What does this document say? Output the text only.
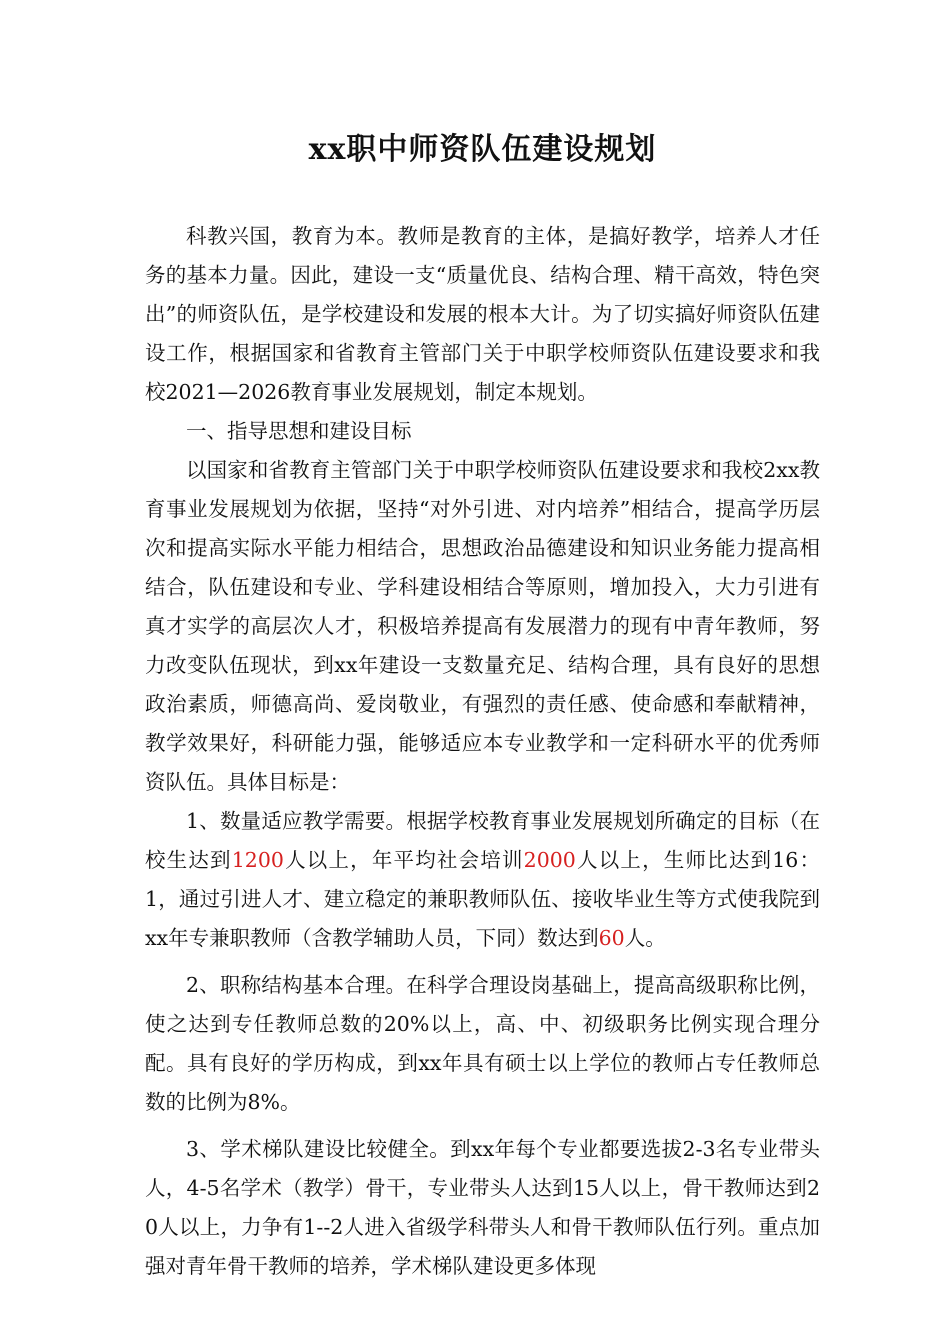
xx职中师资队伍建设规划

科教兴国，教育为本。教师是教育的主体，是搞好教学，培养人才任务的基本力量。因此，建设一支“质量优良、结构合理、精干高效，特色突出”的师资队伍，是学校建设和发展的根本大计。为了切实搞好师资队伍建设工作，根据国家和省教育主管部门关于中职学校师资队伍建设要求和我校2021—2026教育事业发展规划，制定本规划。

一、指导思想和建设目标

以国家和省教育主管部门关于中职学校师资队伍建设要求和我校2xx教育事业发展规划为依据，坚持“对外引进、对内培养”相结合，提高学历层次和提高实际水平能力相结合，思想政治品德建设和知识业务能力提高相结合，队伍建设和专业、学科建设相结合等原则，增加投入，大力引进有真才实学的高层次人才，积极培养提高有发展潜力的现有中青年教师，努力改变队伍现状，到xx年建设一支数量充足、结构合理，具有良好的思想政治素质，师德高尚、爱岗敬业，有强烈的责任感、使命感和奉献精神，教学效果好，科研能力强，能够适应本专业教学和一定科研水平的优秀师资队伍。具体目标是：

1、数量适应教学需要。根据学校教育事业发展规划所确定的目标（在校生达到1200人以上，年平均社会培训2000人以上，生师比达到16：1，通过引进人才、建立稳定的兼职教师队伍、接收毕业生等方式使我院到xx年专兼职教师（含教学辅助人员，下同）数达到60人。

2、职称结构基本合理。在科学合理设岗基础上，提高高级职称比例，使之达到专任教师总数的20%以上，高、中、初级职务比例实现合理分配。具有良好的学历构成，到xx年具有硕士以上学位的教师占专任教师总数的比例为8%。

3、学术梯队建设比较健全。到xx年每个专业都要选拔2-3名专业带头人，4-5名学术（教学）骨干，专业带头人达到15人以上，骨干教师达到20人以上，力争有1--2人进入省级学科带头人和骨干教师队伍行列。重点加强对青年骨干教师的培养，学术梯队建设更多体现
